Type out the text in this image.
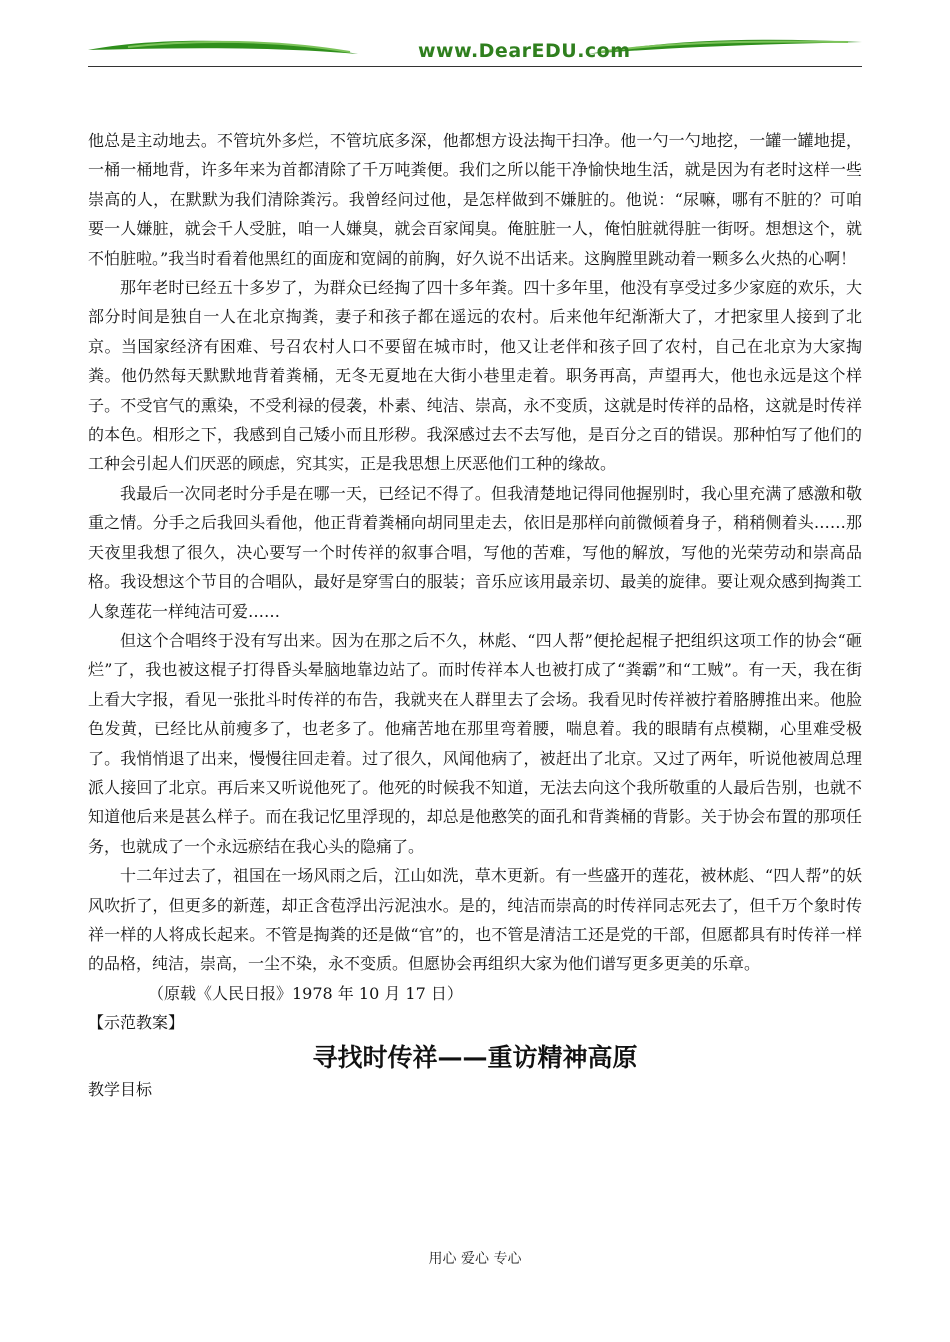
www.DearEDU.com

他总是主动地去。不管坑外多烂，不管坑底多深，他都想方设法掏干扫净。他一勺一勺地挖，一罐一罐地提，一桶一桶地背，许多年来为首都清除了千万吨粪便。我们之所以能干净愉快地生活，就是因为有老时这样一些崇高的人，在默默为我们清除粪污。我曾经问过他，是怎样做到不嫌脏的。他说：“尿嘛，哪有不脏的？可咱要一人嫌脏，就会千人受脏，咱一人嫌臭，就会百家闻臭。俺脏脏一人，俺怕脏就得脏一街呀。想想这个，就不怕脏啦。”我当时看着他黑红的面庞和宽阔的前胸，好久说不出话来。这胸膛里跳动着一颗多么火热的心啊！

那年老时已经五十多岁了，为群众已经掏了四十多年粪。四十多年里，他没有享受过多少家庭的欢乐，大部分时间是独自一人在北京掏粪，妻子和孩子都在遥远的农村。后来他年纪渐渐大了，才把家里人接到了北京。当国家经济有困难、号召农村人口不要留在城市时，他又让老伴和孩子回了农村，自己在北京为大家掏粪。他仍然每天默默地背着粪桶，无冬无夏地在大街小巷里走着。职务再高，声望再大，他也永远是这个样子。不受官气的熏染，不受利禄的侵袭，朴素、纯洁、崇高，永不变质，这就是时传祥的品格，这就是时传祥的本色。相形之下，我感到自己矮小而且形秽。我深感过去不去写他，是百分之百的错误。那种怕写了他们的工种会引起人们厌恶的顾虑，究其实，正是我思想上厌恶他们工种的缘故。

我最后一次同老时分手是在哪一天，已经记不得了。但我清楚地记得同他握别时，我心里充满了感激和敬重之情。分手之后我回头看他，他正背着粪桶向胡同里走去，依旧是那样向前微倾着身子，稍稍侧着头……那天夜里我想了很久，决心要写一个时传祥的叙事合唱，写他的苦难，写他的解放，写他的光荣劳动和崇高品格。我设想这个节目的合唱队，最好是穿雪白的服装；音乐应该用最亲切、最美的旋律。要让观众感到掏粪工人象莲花一样纯洁可爱……

但这个合唱终于没有写出来。因为在那之后不久，林彪、“四人帮”便抡起棍子把组织这项工作的协会“砸烂”了，我也被这棍子打得昏头晕脑地靠边站了。而时传祥本人也被打成了“粪霸”和“工贼”。有一天，我在街上看大字报，看见一张批斗时传祥的布告，我就夹在人群里去了会场。我看见时传祥被拧着胳膊推出来。他脸色发黄，已经比从前瘦多了，也老多了。他痛苦地在那里弯着腰，喘息着。我的眼睛有点模糊，心里难受极了。我悄悄退了出来，慢慢往回走着。过了很久，风闻他病了，被赶出了北京。又过了两年，听说他被周总理派人接回了北京。再后来又听说他死了。他死的时候我不知道，无法去向这个我所敬重的人最后告别，也就不知道他后来是甚么样子。而在我记忆里浮现的，却总是他憨笑的面孔和背粪桶的背影。关于协会布置的那项任务，也就成了一个永远瘀结在我心头的隐痛了。

十二年过去了，祖国在一场风雨之后，江山如洗，草木更新。有一些盛开的莲花，被林彪、“四人帮”的妖风吹折了，但更多的新莲，却正含苞浮出污泥浊水。是的，纯洁而崇高的时传祥同志死去了，但千万个象时传祥一样的人将成长起来。不管是掏粪的还是做“官”的，也不管是清洁工还是党的干部，但愿都具有时传祥一样的品格，纯洁，崇高，一尘不染，永不变质。但愿协会再组织大家为他们谱写更多更美的乐章。

（原载《人民日报》1978 年 10 月 17 日）

【示范教案】

寻找时传祥——重访精神高原
教学目标
用心 爱心 专心
